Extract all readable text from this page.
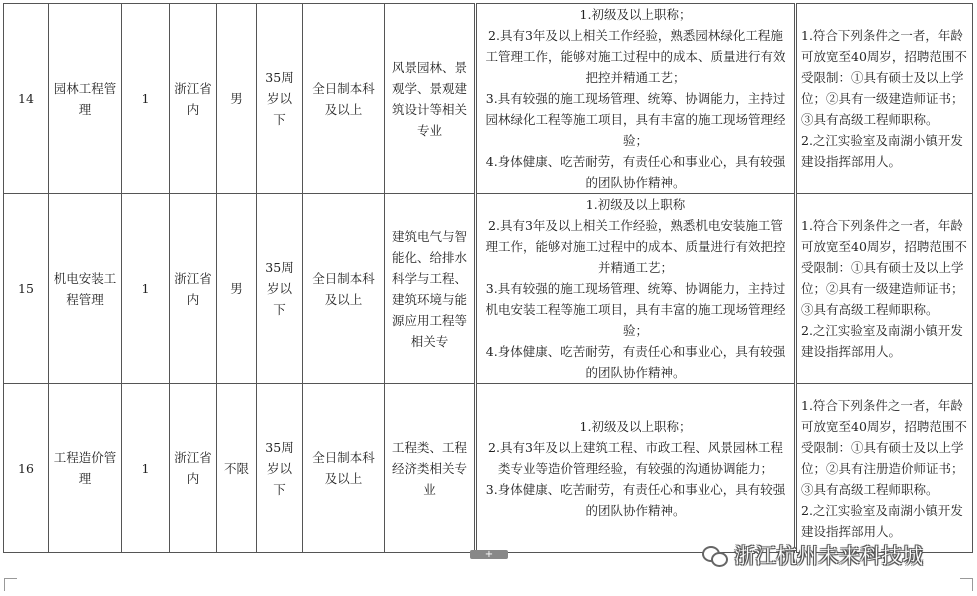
14	园林工程管理	1	浙江省内	男	35周岁以下	全日制本科及以上	风景园林、景观学、景观建筑设计等相关专业	1.初级及以上职称；
2.具有3年及以上相关工作经验，熟悉园林绿化工程施工管理工作，能够对施工过程中的成本、质量进行有效把控并精通工艺；
3.具有较强的施工现场管理、统筹、协调能力，主持过园林绿化工程等施工项目，具有丰富的施工现场管理经验；
4.身体健康、吃苦耐劳，有责任心和事业心，具有较强的团队协作精神。	1.符合下列条件之一者，年龄可放宽至40周岁，招聘范围不受限制：①具有硕士及以上学位；②具有一级建造师证书；③具有高级工程师职称。
2.之江实验室及南湖小镇开发建设指挥部用人。

15	机电安装工程管理	1	浙江省内	男	35周岁以下	全日制本科及以上	建筑电气与智能化、给排水科学与工程、建筑环境与能源应用工程等相关专	1.初级及以上职称
2.具有3年及以上相关工作经验，熟悉机电安装施工管理工作，能够对施工过程中的成本、质量进行有效把控并精通工艺；
3.具有较强的施工现场管理、统筹、协调能力，主持过机电安装工程等施工项目，具有丰富的施工现场管理经验；
4.身体健康、吃苦耐劳，有责任心和事业心，具有较强的团队协作精神。	1.符合下列条件之一者，年龄可放宽至40周岁，招聘范围不受限制：①具有硕士及以上学位；②具有一级建造师证书；③具有高级工程师职称。
2.之江实验室及南湖小镇开发建设指挥部用人。

16	工程造价管理	1	浙江省内	不限	35周岁以下	全日制本科及以上	工程类、工程经济类相关专业	1.初级及以上职称；
2.具有3年及以上建筑工程、市政工程、风景园林工程类专业等造价管理经验，有较强的沟通协调能力；
3.身体健康、吃苦耐劳，有责任心和事业心，具有较强的团队协作精神。	1.符合下列条件之一者，年龄可放宽至40周岁，招聘范围不受限制：①具有硕士及以上学位；②具有注册造价师证书；③具有高级工程师职称。
2.之江实验室及南湖小镇开发建设指挥部用人。
+	浙江杭州未来科技城
